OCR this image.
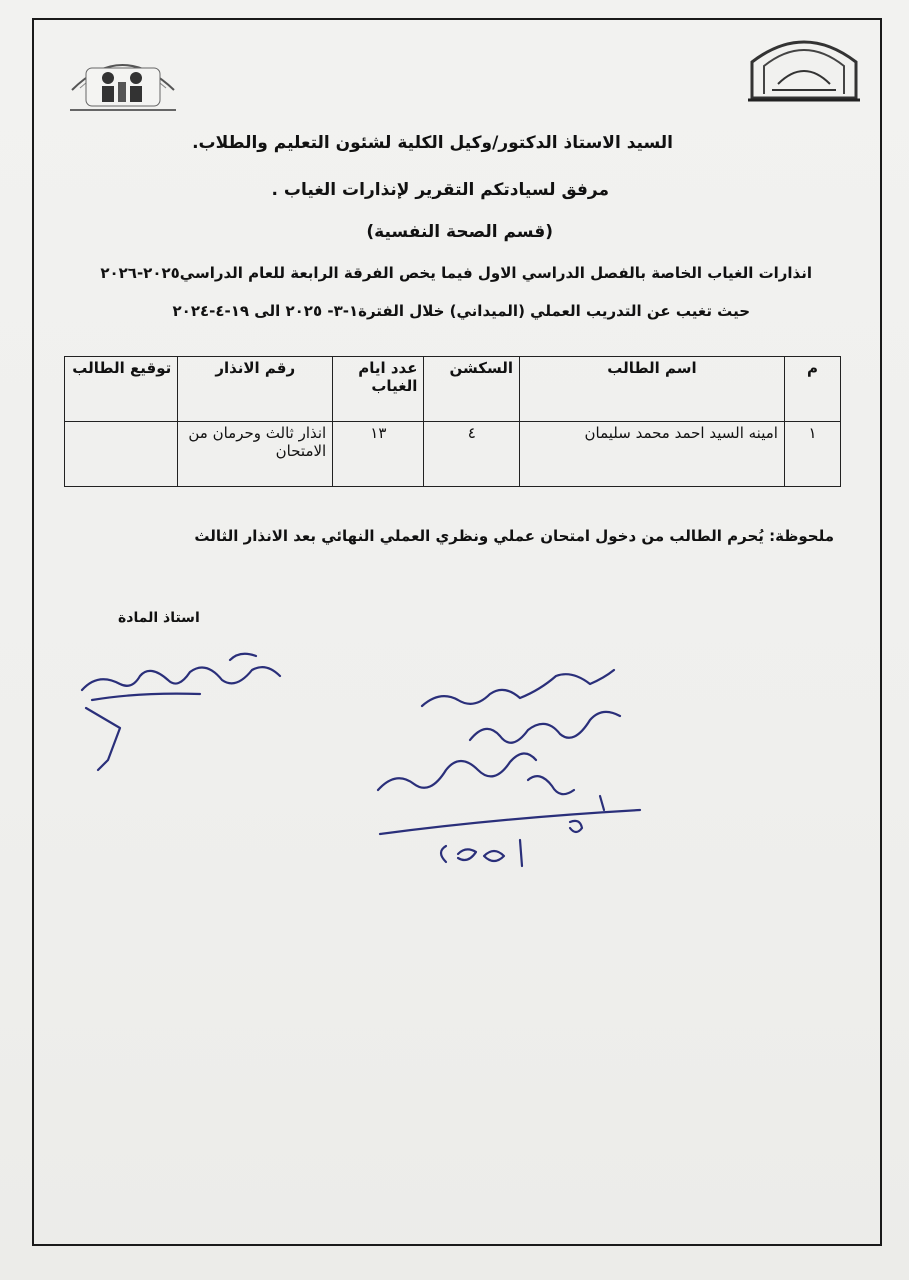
السيد الاستاذ الدكتور/وكيل الكلية لشئون التعليم والطلاب.
مرفق لسيادتكم التقرير لإنذارات الغياب .
(قسم الصحة النفسية)
انذارات الغياب الخاصة بالفصل الدراسي الاول فيما يخص الفرقة الرابعة للعام الدراسي٢٠٢٥-٢٠٢٦
حيث تغيب عن التدريب العملي (الميداني) خلال الفترة١-٣- ٢٠٢٥ الى ١٩-٤-٢٠٢٤
م	اسم الطالب	السكشن	عدد ايام الغياب	رقم الانذار	توقيع الطالب
١	امينه السيد احمد محمد سليمان	٤	١٣	انذار ثالث وحرمان من الامتحان	
ملحوظة: يُحرم الطالب من دخول امتحان عملي ونظري العملي النهائي بعد الانذار الثالث
استاذ المادة
